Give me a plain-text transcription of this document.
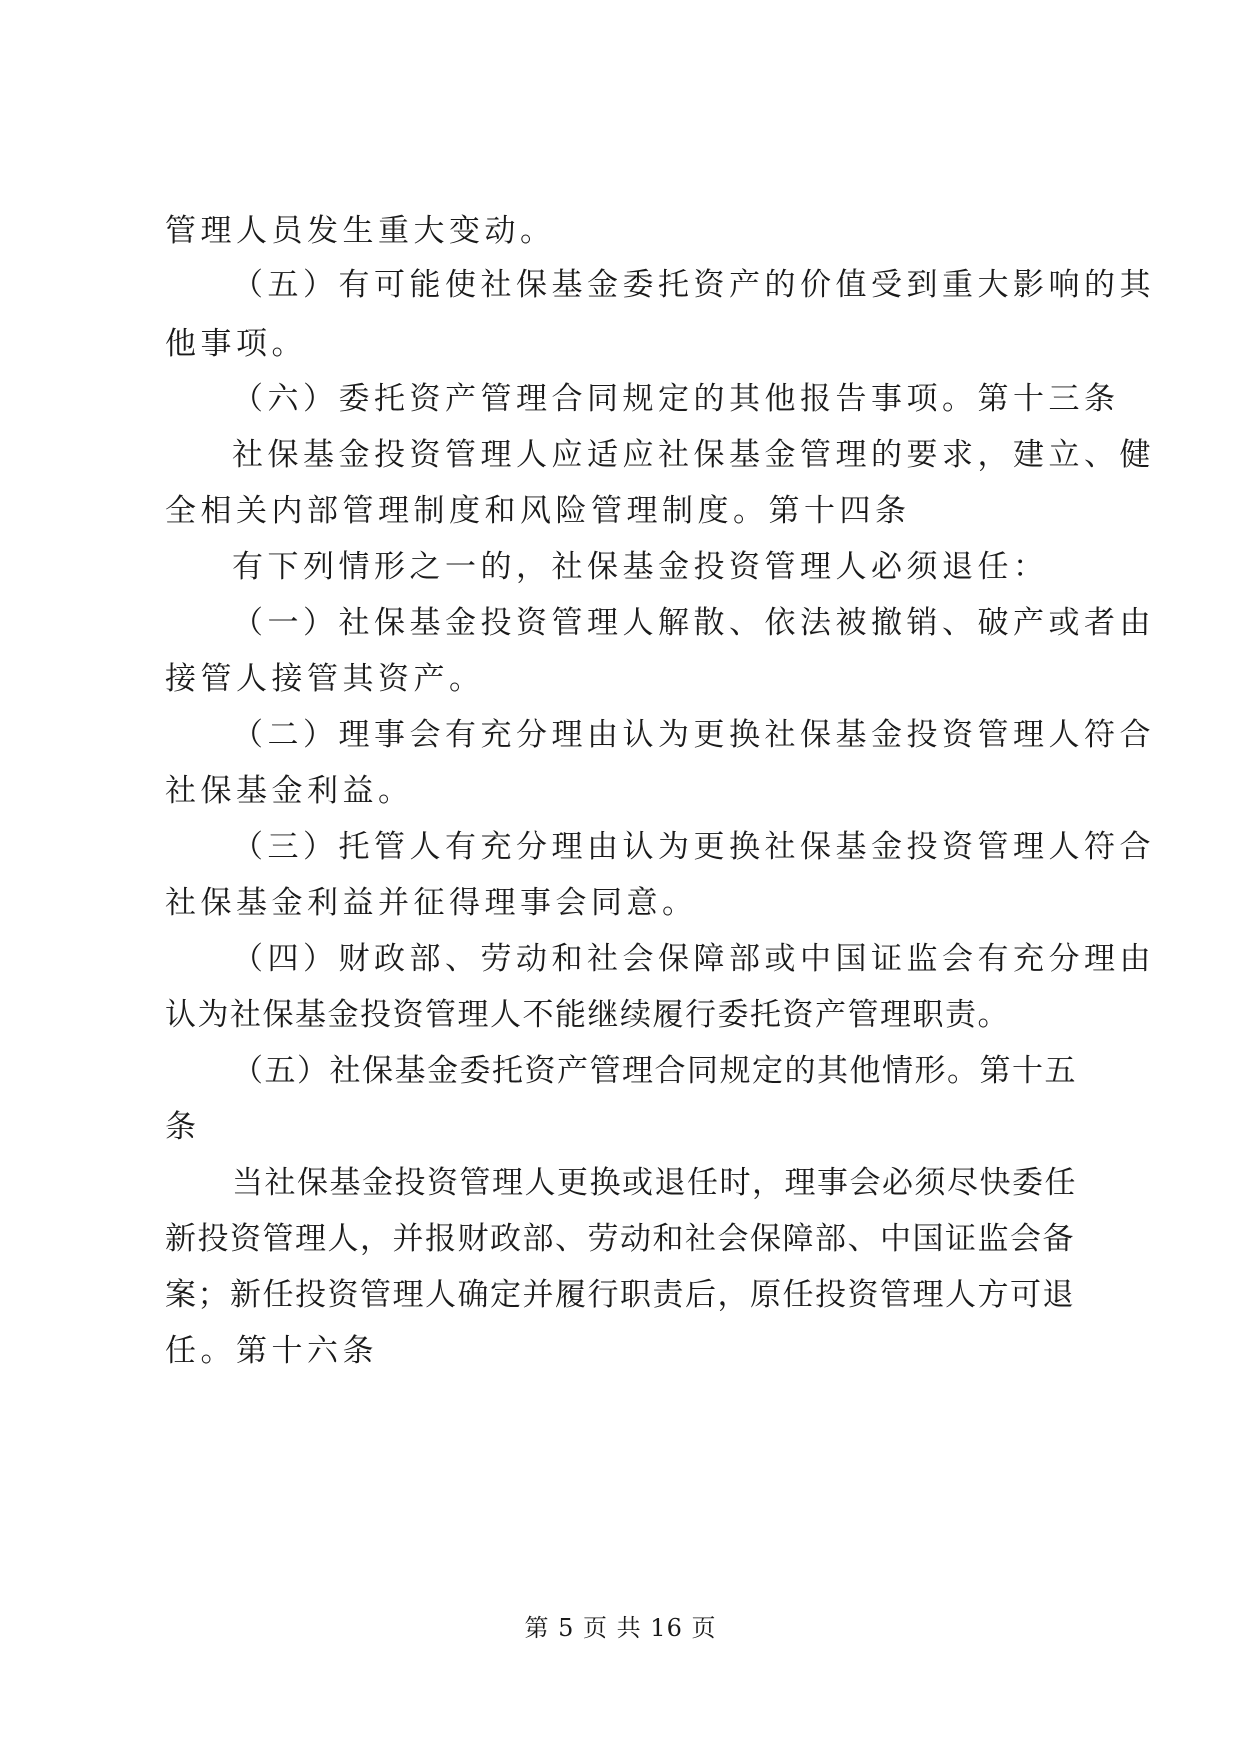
管理人员发生重大变动。
（五）有可能使社保基金委托资产的价值受到重大影响的其
他事项。
（六）委托资产管理合同规定的其他报告事项。第十三条
社保基金投资管理人应适应社保基金管理的要求，建立、健
全相关内部管理制度和风险管理制度。第十四条
有下列情形之一的，社保基金投资管理人必须退任：
（一）社保基金投资管理人解散、依法被撤销、破产或者由
接管人接管其资产。
（二）理事会有充分理由认为更换社保基金投资管理人符合
社保基金利益。
（三）托管人有充分理由认为更换社保基金投资管理人符合
社保基金利益并征得理事会同意。
（四）财政部、劳动和社会保障部或中国证监会有充分理由
认为社保基金投资管理人不能继续履行委托资产管理职责。
（五）社保基金委托资产管理合同规定的其他情形。第十五
条
当社保基金投资管理人更换或退任时，理事会必须尽快委任
新投资管理人，并报财政部、劳动和社会保障部、中国证监会备
案；新任投资管理人确定并履行职责后，原任投资管理人方可退
任。第十六条
第 5 页 共 16 页
